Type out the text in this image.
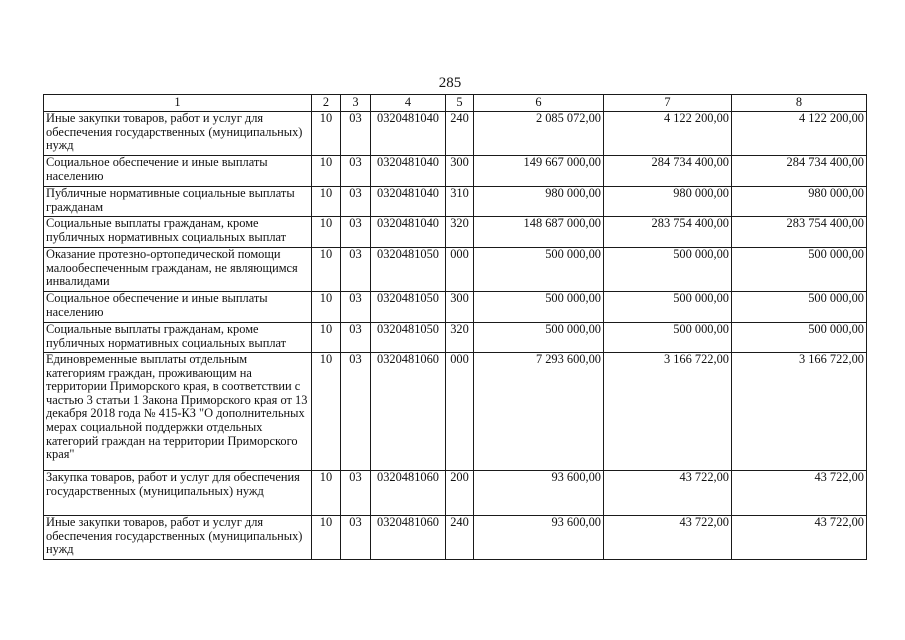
285
1	2	3	4	5	6	7	8
Иные закупки товаров, работ и услуг для обеспечения государственных (муниципальных) нужд	10	03	0320481040	240	2 085 072,00	4 122 200,00	4 122 200,00
Социальное обеспечение и иные выплаты населению	10	03	0320481040	300	149 667 000,00	284 734 400,00	284 734 400,00
Публичные нормативные социальные выплаты гражданам	10	03	0320481040	310	980 000,00	980 000,00	980 000,00
Социальные выплаты гражданам, кроме публичных нормативных социальных выплат	10	03	0320481040	320	148 687 000,00	283 754 400,00	283 754 400,00
Оказание протезно-ортопедической помощи малообеспеченным гражданам, не являющимся инвалидами	10	03	0320481050	000	500 000,00	500 000,00	500 000,00
Социальное обеспечение и иные выплаты населению	10	03	0320481050	300	500 000,00	500 000,00	500 000,00
Социальные выплаты гражданам, кроме публичных нормативных социальных выплат	10	03	0320481050	320	500 000,00	500 000,00	500 000,00
Единовременные выплаты отдельным категориям граждан, проживающим на территории Приморского края, в соответствии с частью 3 статьи 1 Закона Приморского края от 13 декабря 2018 года № 415-КЗ "О дополнительных мерах социальной поддержки отдельных категорий граждан на территории Приморского края"	10	03	0320481060	000	7 293 600,00	3 166 722,00	3 166 722,00
Закупка товаров, работ и услуг для обеспечения государственных (муниципальных) нужд	10	03	0320481060	200	93 600,00	43 722,00	43 722,00
Иные закупки товаров, работ и услуг для обеспечения государственных (муниципальных) нужд	10	03	0320481060	240	93 600,00	43 722,00	43 722,00
